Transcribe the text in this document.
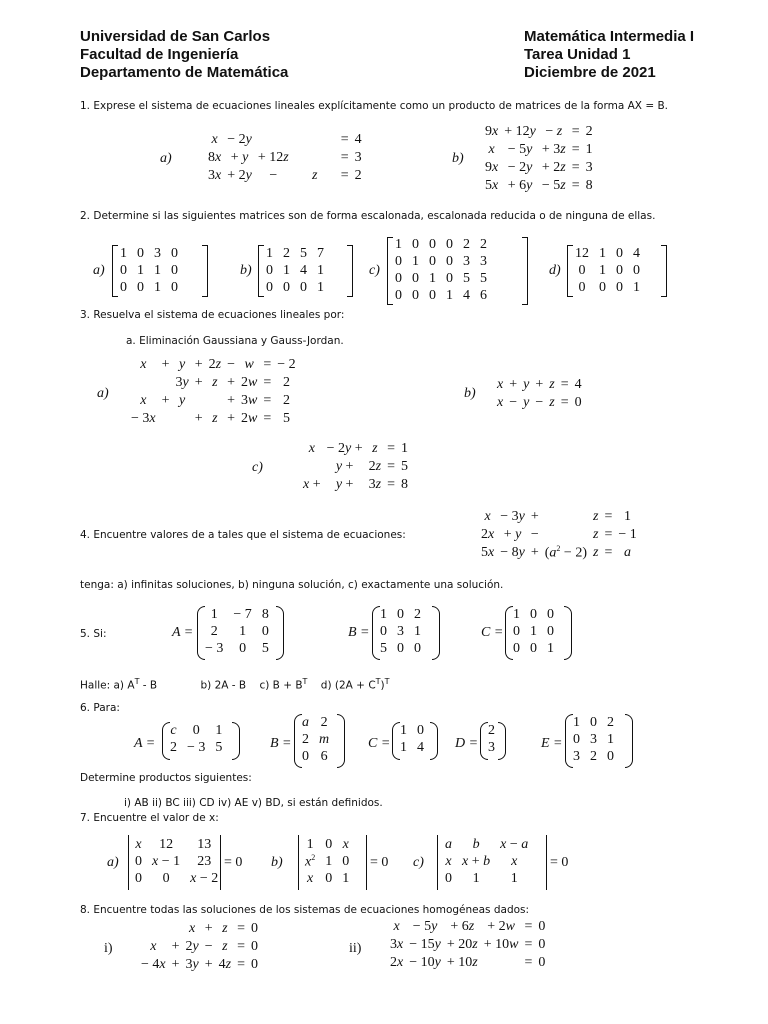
Universidad de San Carlos
Facultad de Ingeniería
Departamento de Matemática
Matemática Intermedia I
Tarea Unidad 1
Diciembre de 2021
1. Exprese el sistema de ecuaciones lineales explícitamente como un producto de matrices de la forma AX = B.
a)
x	− 2y			=	4
8x	+ y	+ 12z		=	3
3x	+ 2y	−	z	=	2
b)
9x	+ 12y	− z	=	2
x	− 5y	+ 3z	=	1
9x	− 2y	+ 2z	=	3
5x	+ 6y	− 5z	=	8
2. Determine si las siguientes matrices son de forma escalonada, escalonada reducida o de ninguna de ellas.
a)
1	0	3	0
0	1	1	0
0	0	1	0
b)
1	2	5	7
0	1	4	1
0	0	0	1
c)
1	0	0	0	2	2
0	1	0	0	3	3
0	0	1	0	5	5
0	0	0	1	4	6
d)
12	1	0	4
0	1	0	0
0	0	0	1
3. Resuelva el sistema de ecuaciones lineales por:
a. Eliminación Gaussiana y Gauss-Jordan.
a)
x	+	y	+	2z	−	w	=	− 2
		3y	+	z	+	2w	=	2
x	+	y			+	3w	=	2
− 3x			+	z	+	2w	=	5
b)
x	+	y	+	z	=	4
x	−	y	−	z	=	0
c)
x	− 2y +	z	=	1
	y +	2z	=	5
x +	y +	3z	=	8
4. Encuentre valores de a tales que el sistema de ecuaciones:
x	− 3y	+		z	=	1
2x	+ y	−		z	=	− 1
5x	− 8y	+	$(a^2 - 2)$	z	=	a
tenga: a) infinitas soluciones, b) ninguna solución, c) exactamente una solución.
5. Si:	A =
1	− 7	8
2	1	0
− 3	0	5
B =
1	0	2
0	3	1
5	0	0
C =
1	0	0
0	1	0
0	0	1
Halle: a) $A^T$ - B	b) 2A - B c) $B + B^T$ d) $(2A + C^T)^T$
6. Para:
A =
c	0	1
2	− 3	5	B =
a	2
2	m
0	6
C =
1	0
1	4 D =
2
3	E =
1	0	2
0	3	1
3	2	0
Determine productos siguientes:
i) AB ii) BC iii) CD iv) AE v) BD, si están definidos.
7. Encuentre el valor de x:
a)
x	12	13
0	x − 1	23
0	0	x − 2
= 0 b)
1	0	x
$x^2$	1	0
x	0	1
= 0 c)
a	b	x − a
x	x + b	x
0	1	1
= 0
8. Encuentre todas las soluciones de los sistemas de ecuaciones homogéneas dados:
i)
		x	+	z	=	0
x	+	2y	−	z	=	0
− 4x	+	3y	+	4z	=	0
ii)
x	− 5y	+ 6z	+ 2w	=	0
3x	− 15y	+ 20z	+ 10w	=	0
2x	− 10y	+ 10z		=	0
